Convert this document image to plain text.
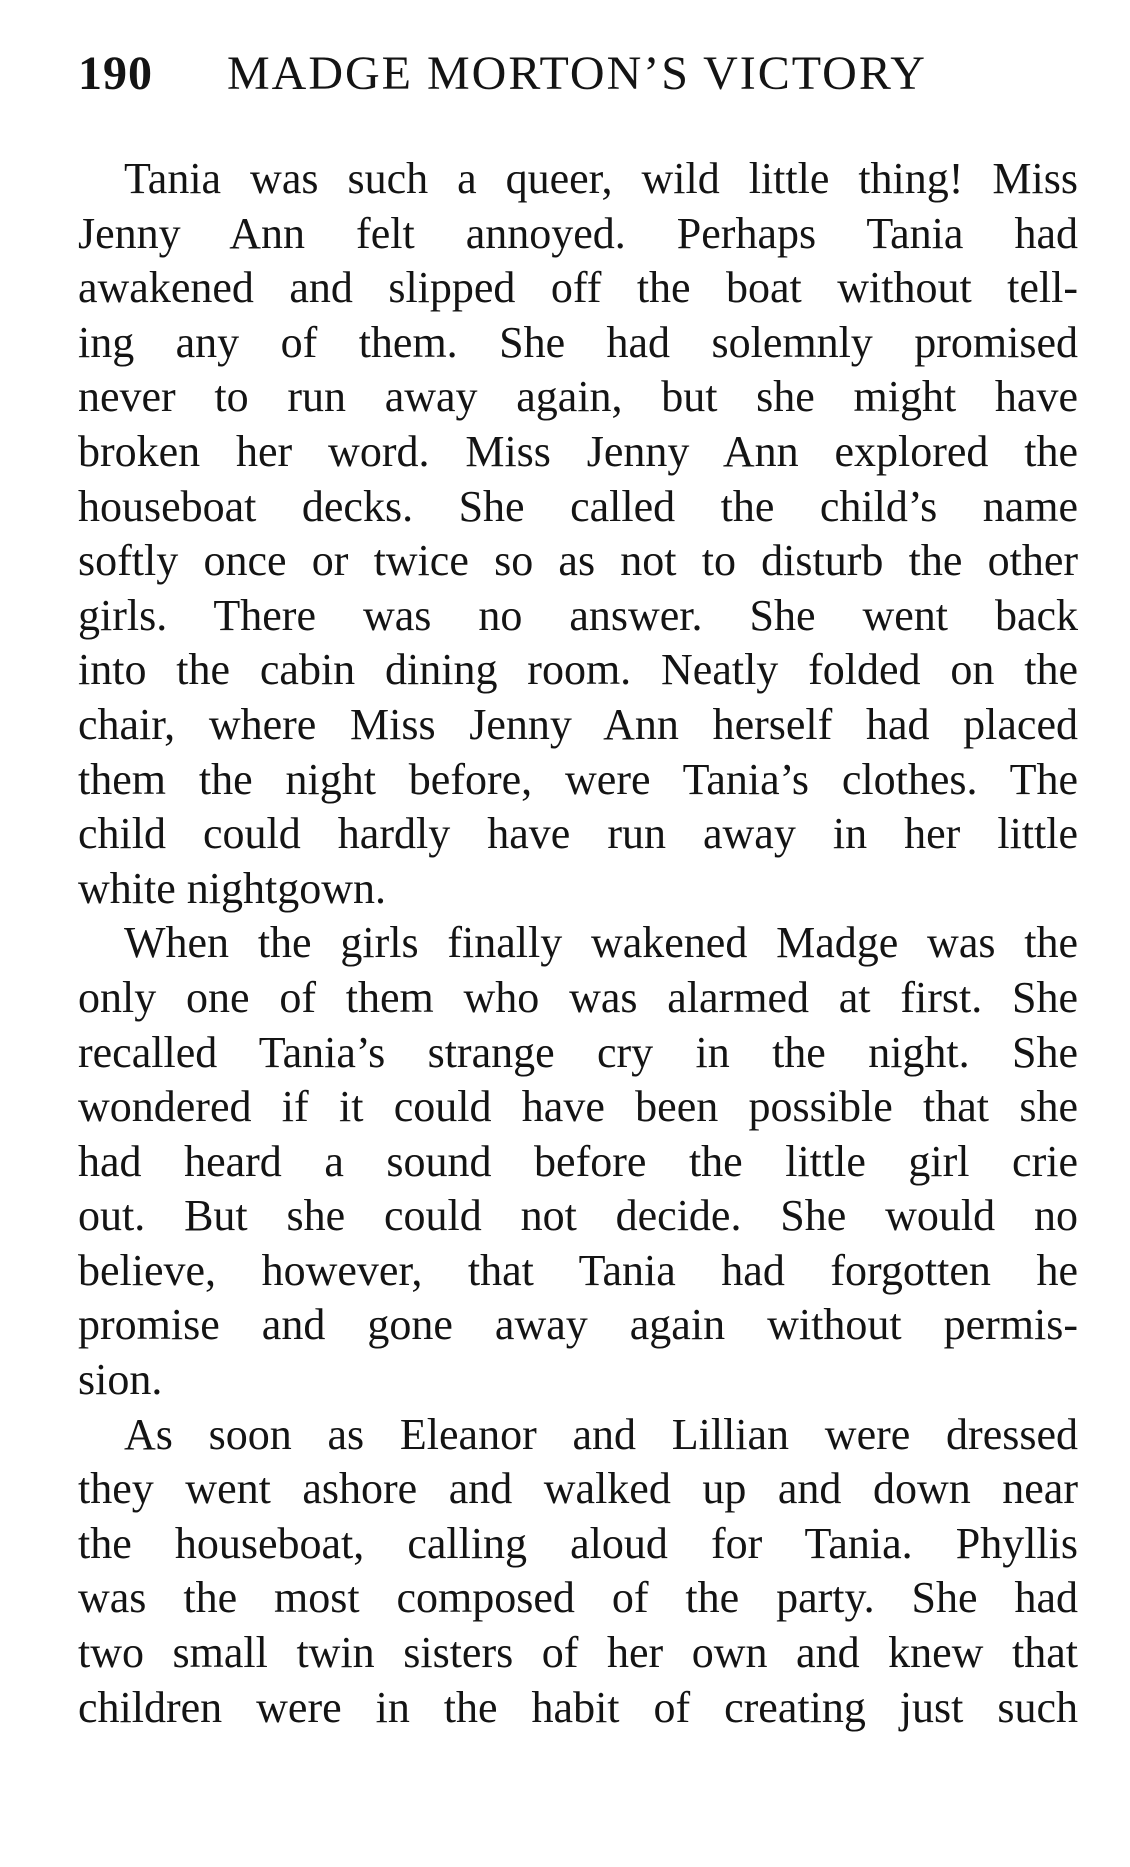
190 MADGE MORTON’S VICTORY
Tania was such a queer, wild little thing! Miss
Jenny Ann felt annoyed. Perhaps Tania had
awakened and slipped off the boat without tell-
ing any of them. She had solemnly promised
never to run away again, but she might have
broken her word. Miss Jenny Ann explored the
houseboat decks. She called the child’s name
softly once or twice so as not to disturb the other
girls. There was no answer. She went back
into the cabin dining room. Neatly folded on the
chair, where Miss Jenny Ann herself had placed
them the night before, were Tania’s clothes. The
child could hardly have run away in her little
white nightgown.
When the girls finally wakened Madge was the
only one of them who was alarmed at first. She
recalled Tania’s strange cry in the night. She
wondered if it could have been possible that she
had heard a sound before the little girl crie
out. But she could not decide. She would no
believe, however, that Tania had forgotten he
promise and gone away again without permis-
sion.
As soon as Eleanor and Lillian were dressed
they went ashore and walked up and down near
the houseboat, calling aloud for Tania. Phyllis
was the most composed of the party. She had
two small twin sisters of her own and knew that
children were in the habit of creating just such
